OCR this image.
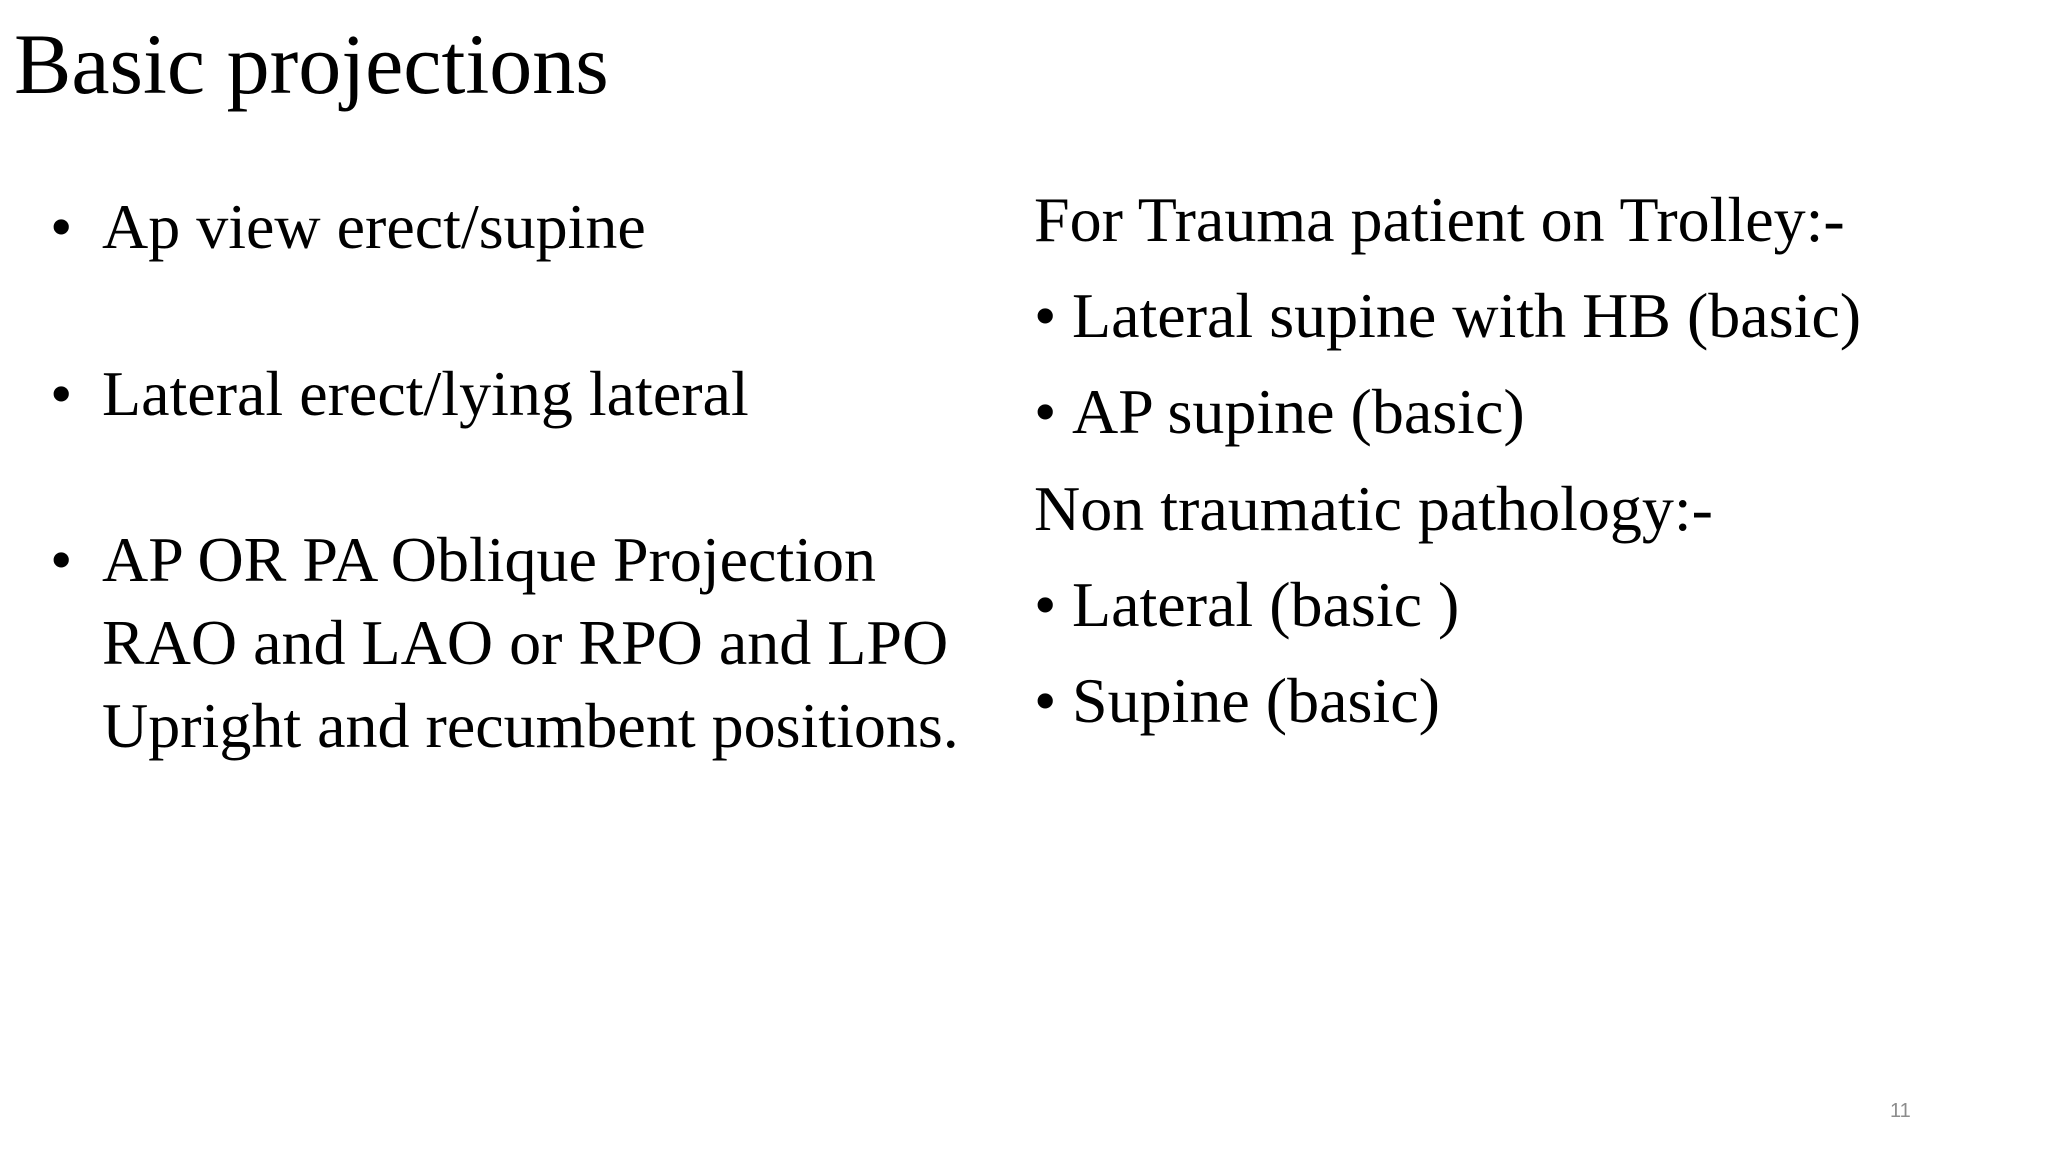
Basic projections
• Ap view erect/supine
• Lateral erect/lying lateral
• AP OR PA Oblique Projection RAO and LAO or RPO and LPO Upright and recumbent positions.
For Trauma patient on Trolley:-
• Lateral supine with HB (basic)
• AP supine (basic)
Non traumatic pathology:-
• Lateral (basic )
• Supine (basic)
11
